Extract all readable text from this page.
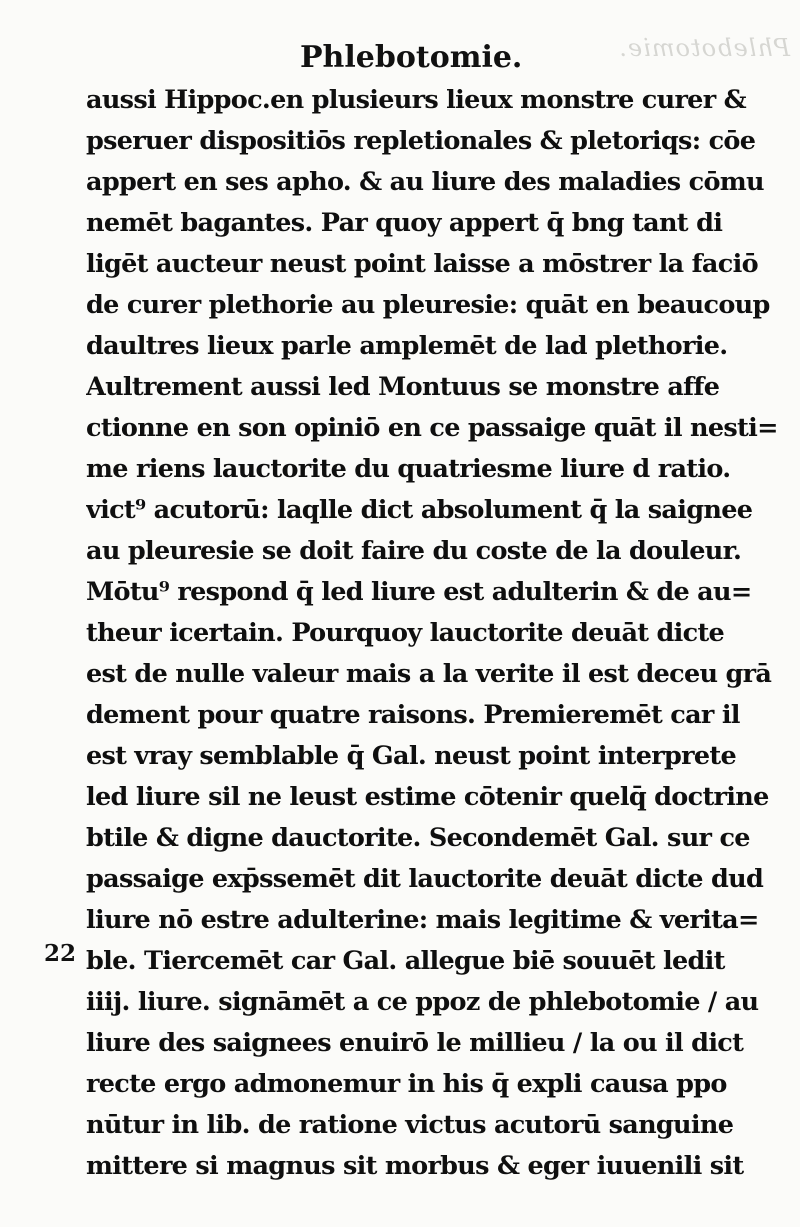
Phlebotomie.
Phlebotomie.
22
aussi Hippoc.en plusieurs lieux monstre curer &
pseruer dispositiōs repletionales & pletoriqs: cōe
appert en ses apho. & au liure des maladies cōmu
nemēt bagantes. Par quoy appert q̄ bng tant di
ligēt aucteur neust point laisse a mōstrer la faciō
de curer plethorie au pleuresie: quāt en beaucoup
daultres lieux parle amplemēt de lad plethorie.
Aultrement aussi led Montuus se monstre affe
ctionne en son opiniō en ce passaige quāt il nesti=
me riens lauctorite du quatriesme liure d ratio.
vict⁹ acutorū: laqlle dict absolument q̄ la saignee
au pleuresie se doit faire du coste de la douleur.
Mōtu⁹ respond q̄ led liure est adulterin & de au=
theur icertain. Pourquoy lauctorite deuāt dicte
est de nulle valeur mais a la verite il est deceu grā
dement pour quatre raisons. Premieremēt car il
est vray semblable q̄ Gal. neust point interprete
led liure sil ne leust estime cōtenir quelq̄ doctrine
btile & digne dauctorite. Secondemēt Gal. sur ce
passaige exp̄ssemēt dit lauctorite deuāt dicte dud
liure nō estre adulterine: mais legitime & verita=
ble. Tiercemēt car Gal. allegue biē souuēt ledit
iiij. liure. signāmēt a ce ppoz de phlebotomie / au
liure des saignees enuirō le millieu / la ou il dict
recte ergo admonemur in his q̄ expli causa ppo
nūtur in lib. de ratione victus acutorū sanguine
mittere si magnus sit morbus & eger iuuenili sit
